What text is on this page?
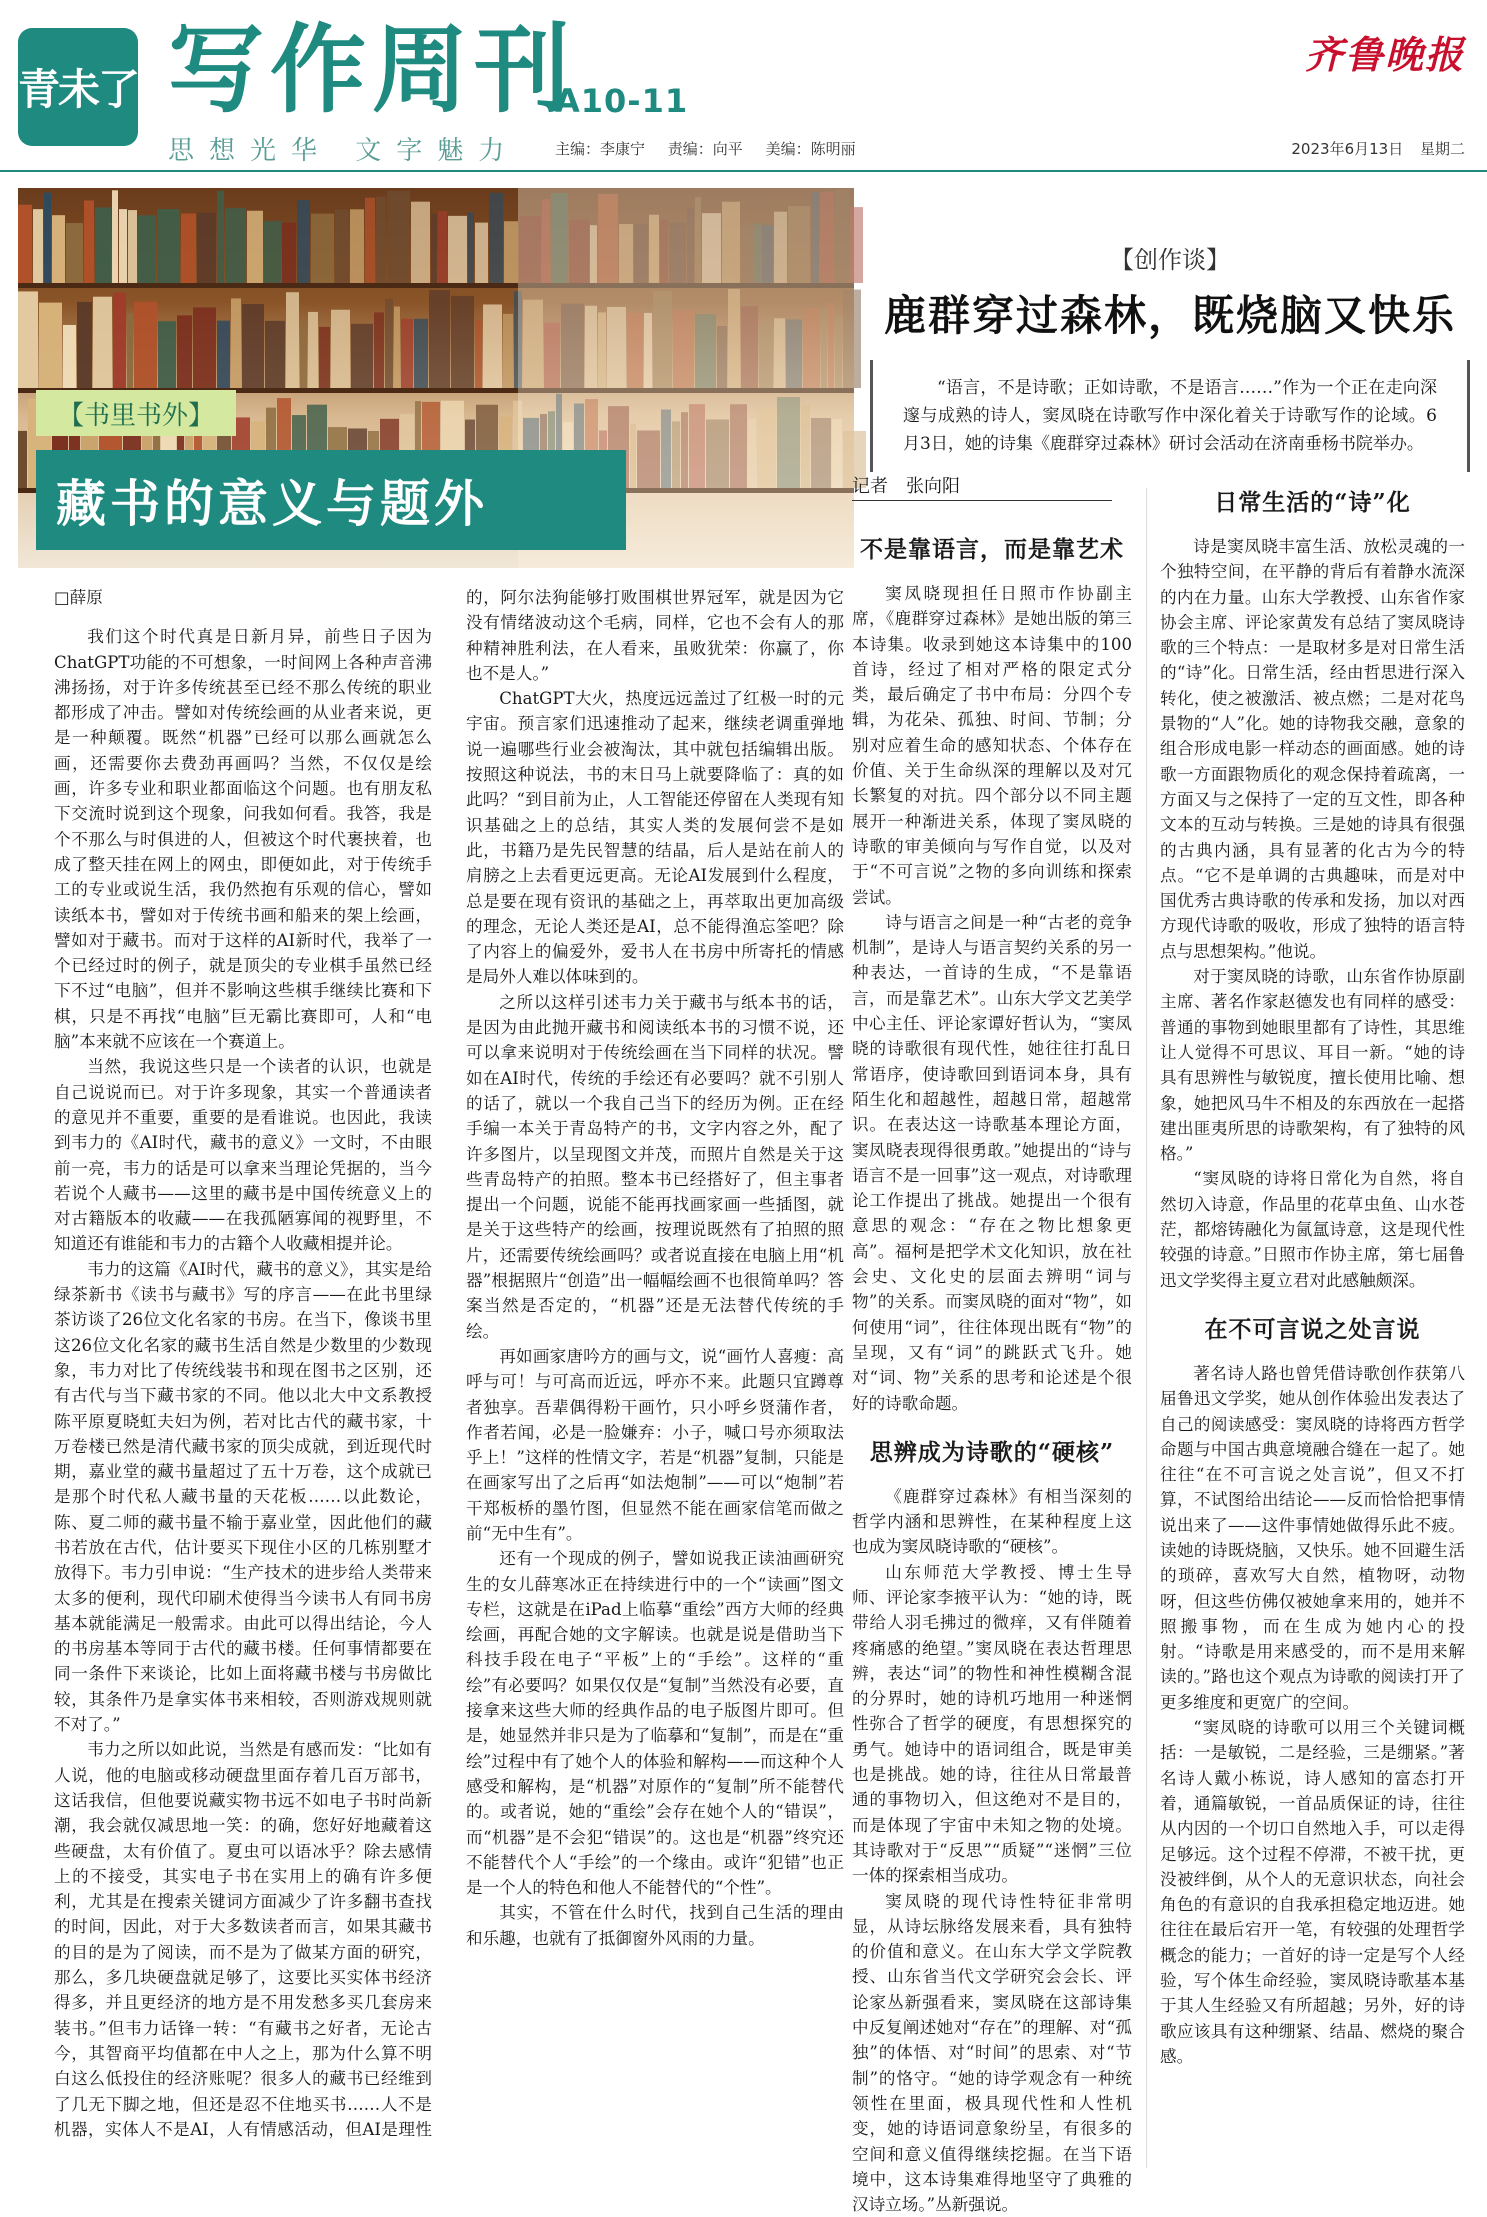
青未了 写作周刊
A10-11
思想光华 文字魅力 主编：李康宁 责编：向平 美编：陈明丽
齐鲁晚报
2023年6月13日 星期二
【书里书外】
藏书的意义与题外

□薛原

我们这个时代真是日新月异，前些日子因为ChatGPT功能的不可想象，一时间网上各种声音沸沸扬扬，对于许多传统甚至已经不那么传统的职业都形成了冲击。譬如对传统绘画的从业者来说，更是一种颠覆。既然“机器”已经可以那么画就怎么画，还需要你去费劲再画吗？当然，不仅仅是绘画，许多专业和职业都面临这个问题。也有朋友私下交流时说到这个现象，问我如何看。我答，我是个不那么与时俱进的人，但被这个时代裹挟着，也成了整天挂在网上的网虫，即便如此，对于传统手工的专业或说生活，我仍然抱有乐观的信心，譬如读纸本书，譬如对于传统书画和船来的架上绘画，譬如对于藏书。而对于这样的AI新时代，我举了一个已经过时的例子，就是顶尖的专业棋手虽然已经下不过“电脑”，但并不影响这些棋手继续比赛和下棋，只是不再找“电脑”巨无霸比赛即可，人和“电脑”本来就不应该在一个赛道上。

当然，我说这些只是一个读者的认识，也就是自己说说而已。对于许多现象，其实一个普通读者的意见并不重要，重要的是看谁说。也因此，我读到韦力的《AI时代，藏书的意义》一文时，不由眼前一亮，韦力的话是可以拿来当理论凭据的，当今若说个人藏书——这里的藏书是中国传统意义上的对古籍版本的收藏——在我孤陋寡闻的视野里，不知道还有谁能和韦力的古籍个人收藏相提并论。

韦力的这篇《AI时代，藏书的意义》，其实是给绿茶新书《读书与藏书》写的序言——在此书里绿茶访谈了26位文化名家的书房。在当下，像谈书里这26位文化名家的藏书生活自然是少数里的少数现象，韦力对比了传统线装书和现在图书之区别，还有古代与当下藏书家的不同。他以北大中文系教授陈平原夏晓虹夫妇为例，若对比古代的藏书家，十万卷楼已然是清代藏书家的顶尖成就，到近现代时期，嘉业堂的藏书量超过了五十万卷，这个成就已是那个时代私人藏书量的天花板……以此数论，陈、夏二师的藏书量不输于嘉业堂，因此他们的藏书若放在古代，估计要买下现住小区的几栋别墅才放得下。韦力引申说：“生产技术的进步给人类带来太多的便利，现代印刷术使得当今读书人有同书房基本就能满足一般需求。由此可以得出结论，今人的书房基本等同于古代的藏书楼。任何事情都要在同一条件下来谈论，比如上面将藏书楼与书房做比较，其条件乃是拿实体书来相较，否则游戏规则就不对了。”

韦力之所以如此说，当然是有感而发：“比如有人说，他的电脑或移动硬盘里面存着几百万部书，这话我信，但他要说藏实物书远不如电子书时尚新潮，我会就仅减思地一笑：的确，您好好地藏着这些硬盘，太有价值了。夏虫可以语冰乎？除去感情上的不接受，其实电子书在实用上的确有许多便利，尤其是在搜索关键词方面减少了许多翻书查找的时间，因此，对于大多数读者而言，如果其藏书的目的是为了阅读，而不是为了做某方面的研究，那么，多几块硬盘就足够了，这要比买实体书经济得多，并且更经济的地方是不用发愁多买几套房来装书。”但韦力话锋一转：“有藏书之好者，无论古今，其智商平均值都在中人之上，那为什么算不明白这么低投住的经济账呢？很多人的藏书已经维到了几无下脚之地，但还是忍不住地买书……人不是机器，实体人不是AI，人有情感活动，但AI是理性的，阿尔法狗能够打败围棋世界冠军，就是因为它没有情绪波动这个毛病，同样，它也不会有人的那种精神胜利法，在人看来，虽败犹荣：你赢了，你也不是人。”

ChatGPT大火，热度远远盖过了红极一时的元宇宙。预言家们迅速推动了起来，继续老调重弹地说一遍哪些行业会被淘汰，其中就包括编辑出版。按照这种说法，书的末日马上就要降临了：真的如此吗？“到目前为止，人工智能还停留在人类现有知识基础之上的总结，其实人类的发展何尝不是如此，书籍乃是先民智慧的结晶，后人是站在前人的肩膀之上去看更远更高。无论AI发展到什么程度，总是要在现有资讯的基础之上，再萃取出更加高级的理念，无论人类还是AI，总不能得渔忘筌吧？除了内容上的偏爱外，爱书人在书房中所寄托的情感是局外人难以体味到的。

之所以这样引述韦力关于藏书与纸本书的话，是因为由此抛开藏书和阅读纸本书的习惯不说，还可以拿来说明对于传统绘画在当下同样的状况。譬如在AI时代，传统的手绘还有必要吗？就不引别人的话了，就以一个我自己当下的经历为例。正在经手编一本关于青岛特产的书，文字内容之外，配了许多图片，以呈现图文并茂，而照片自然是关于这些青岛特产的拍照。整本书已经搭好了，但主事者提出一个问题，说能不能再找画家画一些插图，就是关于这些特产的绘画，按理说既然有了拍照的照片，还需要传统绘画吗？或者说直接在电脑上用“机器”根据照片“创造”出一幅幅绘画不也很简单吗？答案当然是否定的，“机器”还是无法替代传统的手绘。

再如画家唐吟方的画与文，说“画竹人喜瘦：高呼与可！与可高而近远，呼亦不来。此题只宜蹲尊者独享。吾辈偶得粉干画竹，只小呼乡贤蒲作者，作者若闻，必是一脸嫌弃：小子，喊口号亦须取法乎上！”这样的性情文字，若是“机器”复制，只能是在画家写出了之后再“如法炮制”——可以“炮制”若干郑板桥的墨竹图，但显然不能在画家信笔而做之前“无中生有”。

还有一个现成的例子，譬如说我正读油画研究生的女儿薛寒冰正在持续进行中的一个“读画”图文专栏，这就是在iPad上临摹“重绘”西方大师的经典绘画，再配合她的文字解读。也就是说是借助当下科技手段在电子“平板”上的“手绘”。这样的“重绘”有必要吗？如果仅仅是“复制”当然没有必要，直接拿来这些大师的经典作品的电子版图片即可。但是，她显然并非只是为了临摹和“复制”，而是在“重绘”过程中有了她个人的体验和解构——而这种个人感受和解构，是“机器”对原作的“复制”所不能替代的。或者说，她的“重绘”会存在她个人的“错误”，而“机器”是不会犯“错误”的。这也是“机器”终究还不能替代个人“手绘”的一个缘由。或许“犯错”也正是一个人的特色和他人不能替代的“个性”。

其实，不管在什么时代，找到自己生活的理由和乐趣，也就有了抵御窗外风雨的力量。

【创作谈】
鹿群穿过森林，既烧脑又快乐
“语言，不是诗歌；正如诗歌，不是语言……”作为一个正在走向深邃与成熟的诗人，窦凤晓在诗歌写作中深化着关于诗歌写作的论域。6月3日，她的诗集《鹿群穿过森林》研讨会活动在济南垂杨书院举办。
记者 张向阳
不是靠语言，而是靠艺术

窦凤晓现担任日照市作协副主席，《鹿群穿过森林》是她出版的第三本诗集。收录到她这本诗集中的100首诗，经过了相对严格的限定式分类，最后确定了书中布局：分四个专辑，为花朵、孤独、时间、节制；分别对应着生命的感知状态、个体存在价值、关于生命纵深的理解以及对冗长繁复的对抗。四个部分以不同主题展开一种渐进关系，体现了窦凤晓的诗歌的审美倾向与写作自觉，以及对于“不可言说”之物的多向训练和探索尝试。

诗与语言之间是一种“古老的竞争机制”，是诗人与语言契约关系的另一种表达，一首诗的生成，“不是靠语言，而是靠艺术”。山东大学文艺美学中心主任、评论家谭好哲认为，“窦凤晓的诗歌很有现代性，她往往打乱日常语序，使诗歌回到语词本身，具有陌生化和超越性，超越日常，超越常识。在表达这一诗歌基本理论方面，窦凤晓表现得很勇敢。”她提出的“诗与语言不是一回事”这一观点，对诗歌理论工作提出了挑战。她提出一个很有意思的观念：“存在之物比想象更高”。福柯是把学术文化知识，放在社会史、文化史的层面去辨明“词与物”的关系。而窦凤晓的面对“物”，如何使用“词”，往往体现出既有“物”的呈现，又有“词”的跳跃式飞升。她对“词、物”关系的思考和论述是个很好的诗歌命题。

思辨成为诗歌的“硬核”

《鹿群穿过森林》有相当深刻的哲学内涵和思辨性，在某种程度上这也成为窦凤晓诗歌的“硬核”。

山东师范大学教授、博士生导师、评论家李掖平认为：“她的诗，既带给人羽毛拂过的微痒，又有伴随着疼痛感的绝望。”窦凤晓在表达哲理思辨，表达“词”的物性和神性模糊含混的分界时，她的诗机巧地用一种迷惘性弥合了哲学的硬度，有思想探究的勇气。她诗中的语词组合，既是审美也是挑战。她的诗，往往从日常最普通的事物切入，但这绝对不是目的，而是体现了宇宙中未知之物的处境。其诗歌对于“反思”“质疑”“迷惘”三位一体的探索相当成功。

窦凤晓的现代诗性特征非常明显，从诗坛脉络发展来看，具有独特的价值和意义。在山东大学文学院教授、山东省当代文学研究会会长、评论家丛新强看来，窦凤晓在这部诗集中反复阐述她对“存在”的理解、对“孤独”的体悟、对“时间”的思索、对“节制”的恪守。“她的诗学观念有一种统领性在里面，极具现代性和人性机变，她的诗语词意象纷呈，有很多的空间和意义值得继续挖掘。在当下语境中，这本诗集难得地坚守了典雅的汉诗立场。”丛新强说。

日常生活的“诗”化

诗是窦凤晓丰富生活、放松灵魂的一个独特空间，在平静的背后有着静水流深的内在力量。山东大学教授、山东省作家协会主席、评论家黄发有总结了窦凤晓诗歌的三个特点：一是取材多是对日常生活的“诗”化。日常生活，经由哲思进行深入转化，使之被激活、被点燃；二是对花鸟景物的“人”化。她的诗物我交融，意象的组合形成电影一样动态的画面感。她的诗歌一方面跟物质化的观念保持着疏离，一方面又与之保持了一定的互文性，即各种文本的互动与转换。三是她的诗具有很强的古典内涵，具有显著的化古为今的特点。“它不是单调的古典趣味，而是对中国优秀古典诗歌的传承和发扬，加以对西方现代诗歌的吸收，形成了独特的语言特点与思想架构。”他说。

对于窦凤晓的诗歌，山东省作协原副主席、著名作家赵德发也有同样的感受：普通的事物到她眼里都有了诗性，其思维让人觉得不可思议、耳目一新。“她的诗具有思辨性与敏锐度，擅长使用比喻、想象，她把风马牛不相及的东西放在一起搭建出匪夷所思的诗歌架构，有了独特的风格。”

“窦凤晓的诗将日常化为自然，将自然切入诗意，作品里的花草虫鱼、山水苍茫，都熔铸融化为氤氲诗意，这是现代性较强的诗意。”日照市作协主席，第七届鲁迅文学奖得主夏立君对此感触颇深。

在不可言说之处言说

著名诗人路也曾凭借诗歌创作获第八届鲁迅文学奖，她从创作体验出发表达了自己的阅读感受：窦凤晓的诗将西方哲学命题与中国古典意境融合缝在一起了。她往往“在不可言说之处言说”，但又不打算，不试图给出结论——反而恰恰把事情说出来了——这件事情她做得乐此不疲。读她的诗既烧脑，又快乐。她不回避生活的琐碎，喜欢写大自然，植物呀，动物呀，但这些仿佛仅被她拿来用的，她并不照搬事物，而在生成为她内心的投射。“诗歌是用来感受的，而不是用来解读的。”路也这个观点为诗歌的阅读打开了更多维度和更宽广的空间。

“窦凤晓的诗歌可以用三个关键词概括：一是敏锐，二是经验，三是绷紧。”著名诗人戴小栋说，诗人感知的富态打开着，通篇敏锐，一首品质保证的诗，往往从内因的一个切口自然地入手，可以走得足够远。这个过程不停滞，不被干扰，更没被绊倒，从个人的无意识状态，向社会角色的有意识的自我承担稳定地迈进。她往往在最后宕开一笔，有较强的处理哲学概念的能力；一首好的诗一定是写个人经验，写个体生命经验，窦凤晓诗歌基本基于其人生经验又有所超越；另外，好的诗歌应该具有这种绷紧、结晶、燃烧的聚合感。
